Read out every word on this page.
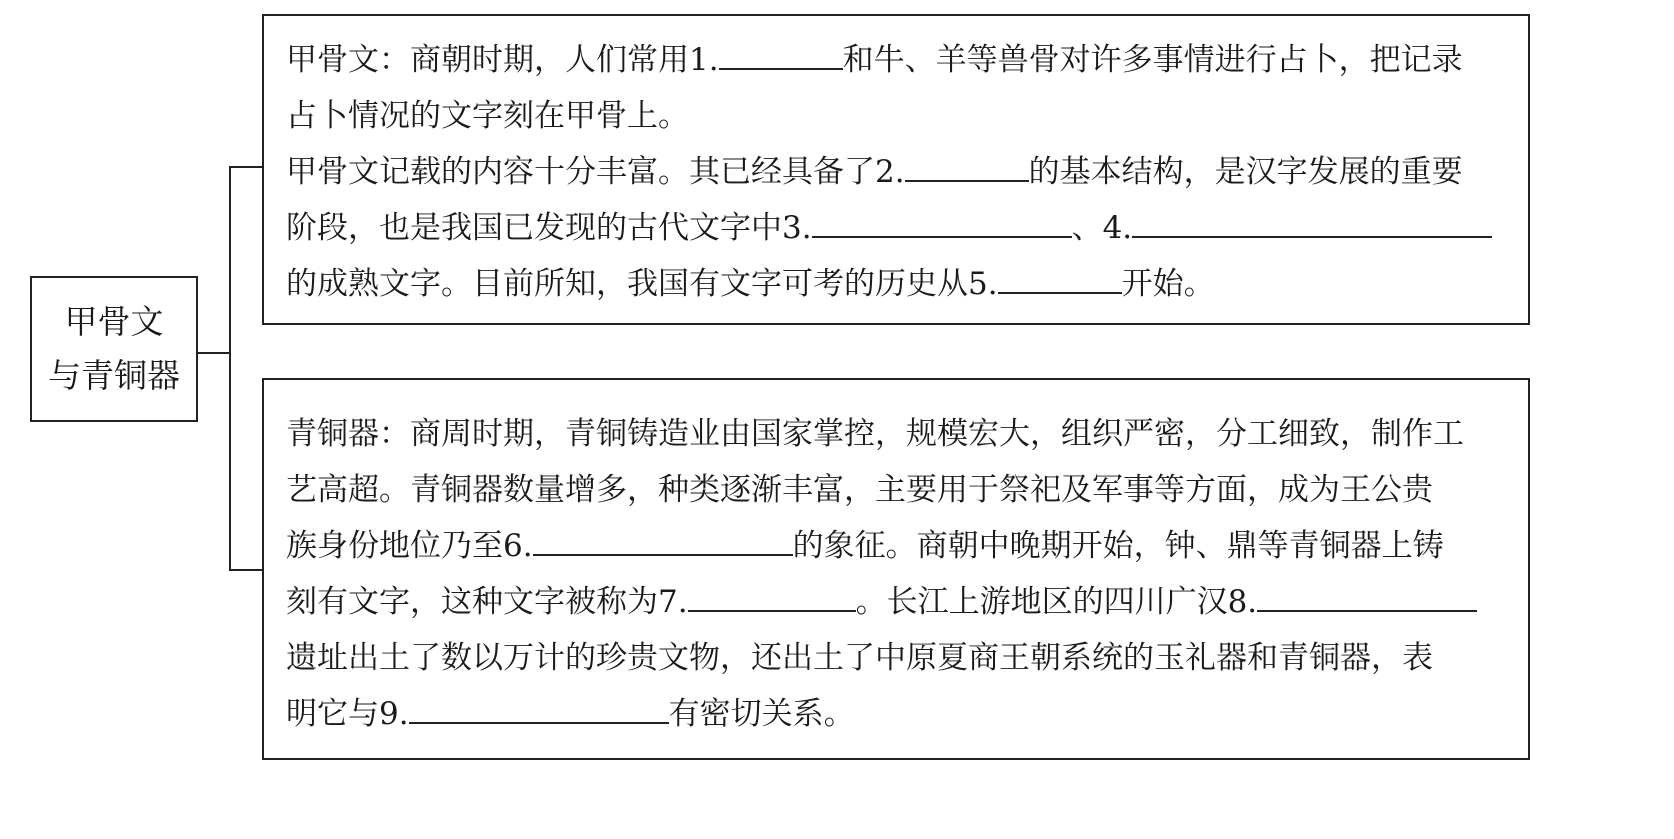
甲骨文
与青铜器
甲骨文：商朝时期，人们常用1.	和牛、羊等兽骨对许多事情进行占卜，把记录
占卜情况的文字刻在甲骨上。
甲骨文记载的内容十分丰富。其已经具备了2.	的基本结构，是汉字发展的重要
阶段，也是我国已发现的古代文字中3.	、4.
的成熟文字。目前所知，我国有文字可考的历史从5.	开始。
青铜器：商周时期，青铜铸造业由国家掌控，规模宏大，组织严密，分工细致，制作工
艺高超。青铜器数量增多，种类逐渐丰富，主要用于祭祀及军事等方面，成为王公贵
族身份地位乃至6.	的象征。商朝中晚期开始，钟、鼎等青铜器上铸
刻有文字，这种文字被称为7.	。长江上游地区的四川广汉8.
遗址出土了数以万计的珍贵文物，还出土了中原夏商王朝系统的玉礼器和青铜器，表
明它与9.	有密切关系。
